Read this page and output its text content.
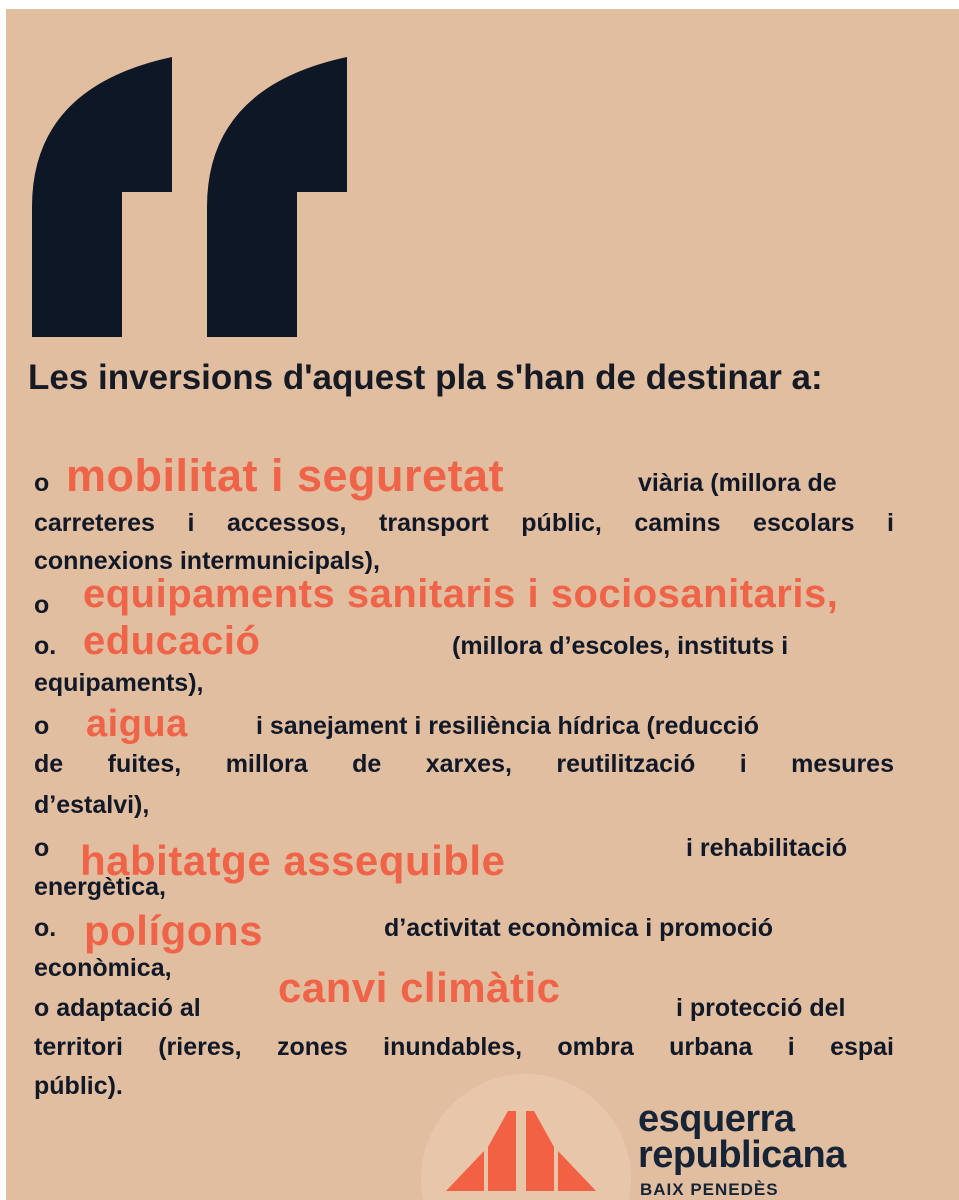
Les inversions d'aquest pla s'han de destinar a:
o mobilitat i seguretat	viària (millora de
carreteres i accessos, transport públic, camins escolars i
connexions intermunicipals),
o equipaments sanitaris i sociosanitaris,
o. educació	(millora d’escoles, instituts i
equipaments),
o aigua	i sanejament i resiliència hídrica (reducció
de fuites, millora de xarxes, reutilització i mesures
d’estalvi),
o habitatge assequible	i rehabilitació
energètica,
o. polígons	d’activitat econòmica i promoció
econòmica,
o adaptació al canvi climàtic	i protecció del
territori (rieres, zones inundables, ombra urbana i espai
públic).
esquerra
republicana
BAIX PENEDÈS
